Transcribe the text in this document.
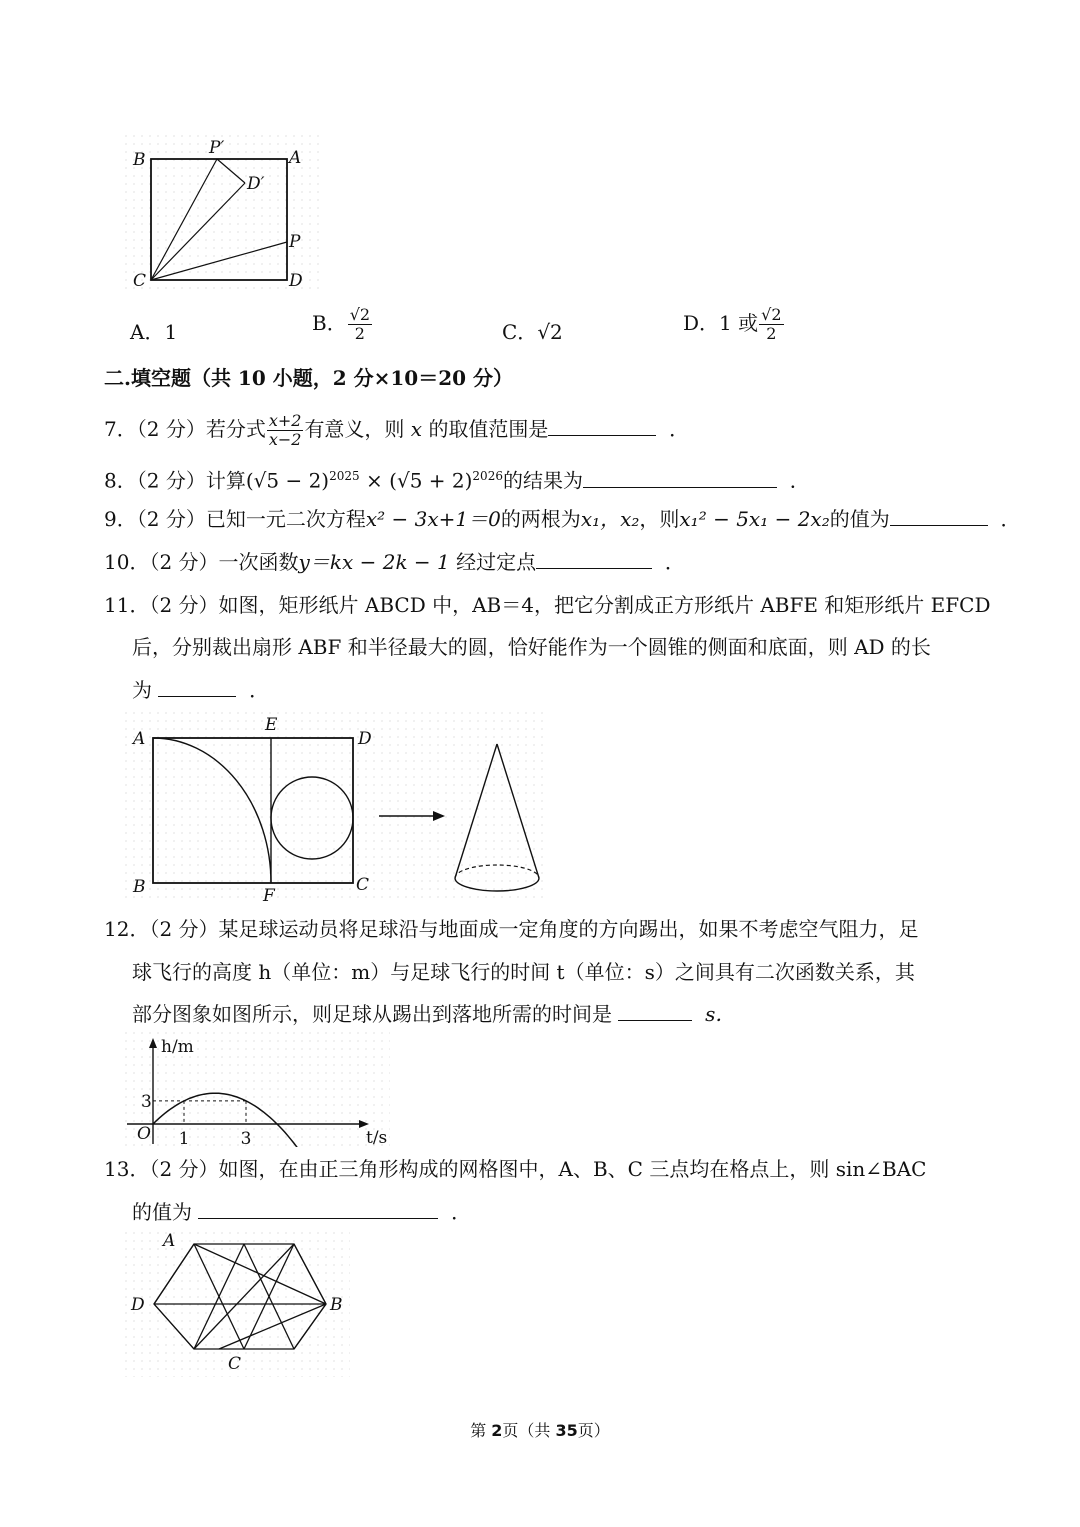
B
P′	A
D′
P
C	D
A．1	B． $\frac{√2}{2}$	C．√2	D．1 或 $\frac{√2}{2}$
二.填空题（共 10 小题，2 分×10＝20 分）
7．（2 分）若分式 $\frac{x+2}{x-2}$ 有意义，则 x 的取值范围是	．
8．（2 分）计算$(√5 - 2)^{2025} \times (√5 + 2)^{2026}$的结果为	．
9．（2 分）已知一元二次方程x² − 3x+1＝0的两根为x₁，x₂，则x₁² − 5x₁ − 2x₂的值为	．
10．（2 分）一次函数y＝kx − 2k − 1 经过定点	．
11．（2 分）如图，矩形纸片 ABCD 中，AB＝4，把它分割成正方形纸片 ABFE 和矩形纸片 EFCD
后，分别裁出扇形 ABF 和半径最大的圆，恰好能作为一个圆锥的侧面和底面，则 AD 的长
为	．
A
E
D
B	F
C
12．（2 分）某足球运动员将足球沿与地面成一定角度的方向踢出，如果不考虑空气阻力，足
球飞行的高度 h（单位：m）与足球飞行的时间 t（单位：s）之间具有二次函数关系，其
部分图象如图所示，则足球从踢出到落地所需的时间是	s．
h/m
t/s
O 1	3
3
13．（2 分）如图，在由正三角形构成的网格图中，A、B、C 三点均在格点上，则 sin∠BAC
的值为	．
A
B
C
D
第 2页（共 35页）
